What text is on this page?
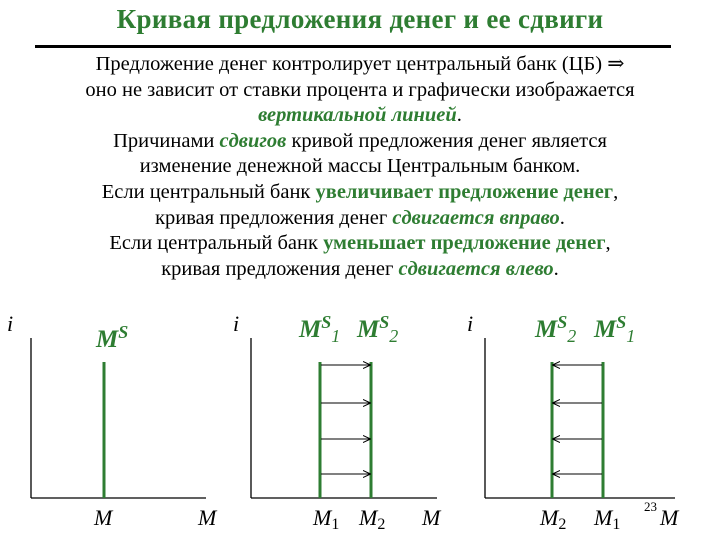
Кривая предложения денег и ее сдвиги
Предложение денег контролирует центральный банк (ЦБ) ⇒
оно не зависит от ставки процента и графически изображается
вертикальной линией.
Причинами сдвигов кривой предложения денег является
изменение денежной массы Центральным банком.
Если центральный банк увеличивает предложение денег,
кривая предложения денег сдвигается вправо.
Если центральный банк уменьшает предложение денег,
кривая предложения денег сдвигается влево.
i
$M^S$
M	M
i $M^S_1$ $M^S_2$
M1 M2 M
i $M^S_2$ $M^S_1$
M2 M1 M
23
